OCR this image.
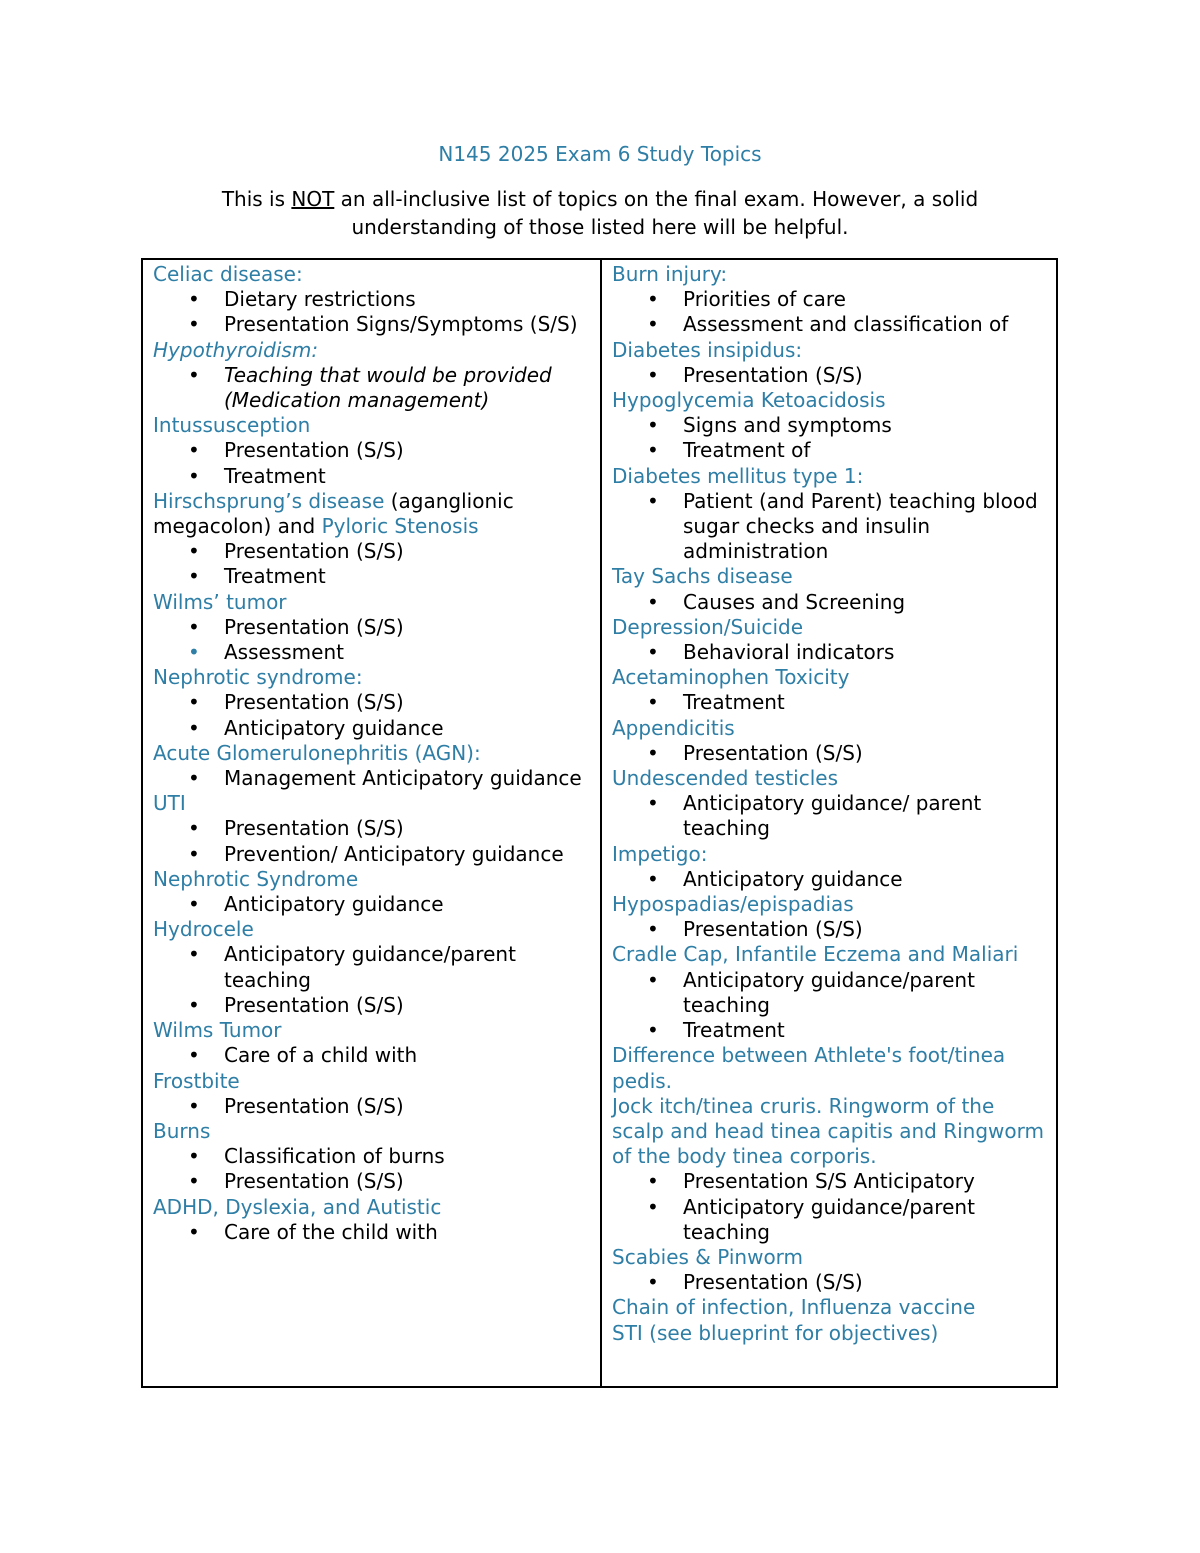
N145 2025 Exam 6 Study Topics
This is NOT an all-inclusive list of topics on the final exam. However, a solid understanding of those listed here will be helpful.
Celiac disease:
• Dietary restrictions
• Presentation Signs/Symptoms (S/S)
Hypothyroidism:
• Teaching that would be provided (Medication management)
Intussusception
• Presentation (S/S)
• Treatment
Hirschsprung’s disease (aganglionic megacolon) and Pyloric Stenosis
• Presentation (S/S)
• Treatment
Wilms’ tumor
• Presentation (S/S)
• Assessment
Nephrotic syndrome:
• Presentation (S/S)
• Anticipatory guidance
Acute Glomerulonephritis (AGN):
• Management Anticipatory guidance
UTI
• Presentation (S/S)
• Prevention/ Anticipatory guidance
Nephrotic Syndrome
• Anticipatory guidance
Hydrocele
• Anticipatory guidance/parent teaching
• Presentation (S/S)
Wilms Tumor
• Care of a child with
Frostbite
• Presentation (S/S)
Burns
• Classification of burns
• Presentation (S/S)
ADHD, Dyslexia, and Autistic
• Care of the child with
Burn injury:
• Priorities of care
• Assessment and classification of
Diabetes insipidus:
• Presentation (S/S)
Hypoglycemia Ketoacidosis
• Signs and symptoms
• Treatment of
Diabetes mellitus type 1:
• Patient (and Parent) teaching blood sugar checks and insulin administration
Tay Sachs disease
• Causes and Screening
Depression/Suicide
• Behavioral indicators
Acetaminophen Toxicity
• Treatment
Appendicitis
• Presentation (S/S)
Undescended testicles
• Anticipatory guidance/ parent teaching
Impetigo:
• Anticipatory guidance
Hypospadias/epispadias
• Presentation (S/S)
Cradle Cap, Infantile Eczema and Maliari
• Anticipatory guidance/parent teaching
• Treatment
Difference between Athlete's foot/tinea pedis.
Jock itch/tinea cruris. Ringworm of the scalp and head tinea capitis and Ringworm of the body tinea corporis.
• Presentation S/S Anticipatory
• Anticipatory guidance/parent teaching
Scabies & Pinworm
• Presentation (S/S)
Chain of infection, Influenza vaccine
STI (see blueprint for objectives)
